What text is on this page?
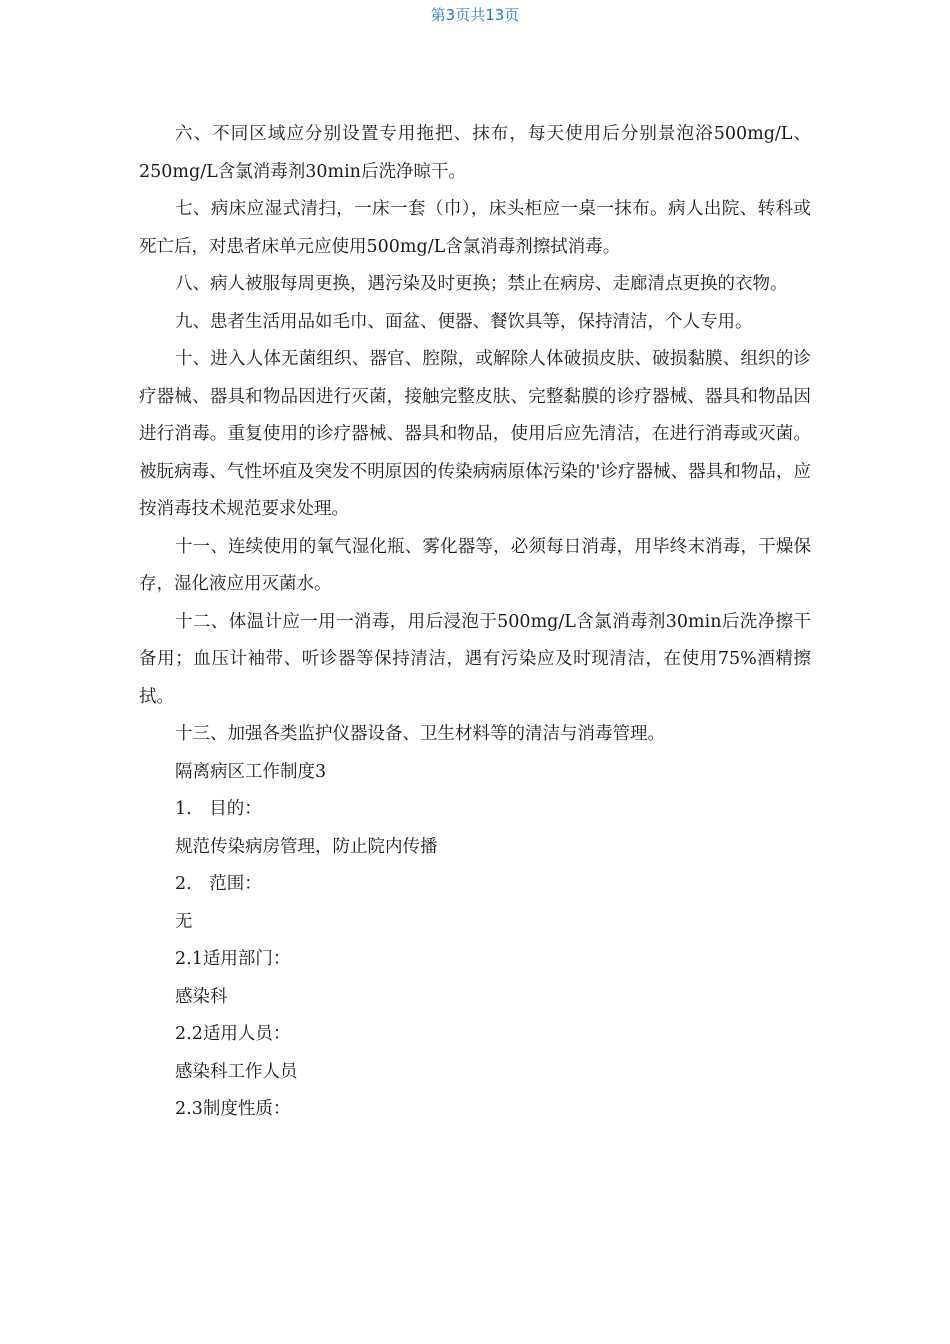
第3页共13页

六、不同区域应分别设置专用拖把、抹布，每天使用后分别景泡浴500mg/L、250mg/L含氯消毒剂30min后洗净晾干。

七、病床应湿式清扫，一床一套（巾），床头柜应一桌一抹布。病人出院、转科或死亡后，对患者床单元应使用500mg/L含氯消毒剂擦拭消毒。

八、病人被服每周更换，遇污染及时更换；禁止在病房、走廊清点更换的衣物。

九、患者生活用品如毛巾、面盆、便器、餐饮具等，保持清洁，个人专用。

十、进入人体无菌组织、器官、腔隙，或解除人体破损皮肤、破损黏膜、组织的诊疗器械、器具和物品因进行灭菌，接触完整皮肤、完整黏膜的诊疗器械、器具和物品因进行消毒。重复使用的诊疗器械、器具和物品，使用后应先清洁，在进行消毒或灭菌。被朊病毒、气性坏疽及突发不明原因的传染病病原体污染的'诊疗器械、器具和物品，应按消毒技术规范要求处理。

十一、连续使用的氧气湿化瓶、雾化器等，必须每日消毒，用毕终末消毒，干燥保存，湿化液应用灭菌水。

十二、体温计应一用一消毒，用后浸泡于500mg/L含氯消毒剂30min后洗净擦干备用；血压计袖带、听诊器等保持清洁，遇有污染应及时现清洁，在使用75%酒精擦拭。

十三、加强各类监护仪器设备、卫生材料等的清洁与消毒管理。

隔离病区工作制度3

1.　目的：

规范传染病房管理，防止院内传播

2.　范围：

无

2.1适用部门：

感染科

2.2适用人员：

感染科工作人员

2.3制度性质：
